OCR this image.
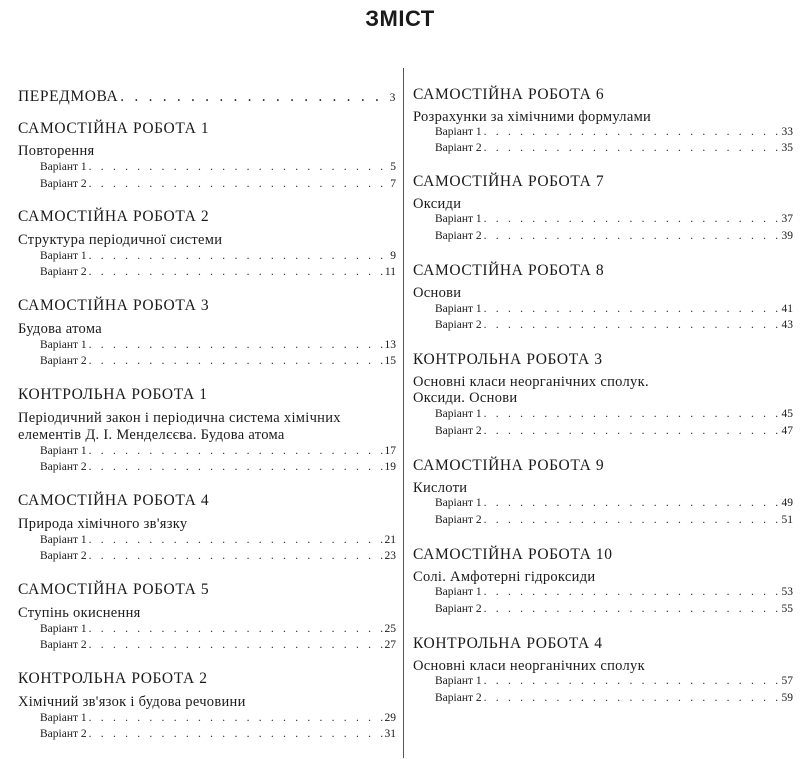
ЗМІСТ
ПЕРЕДМОВА . . .	3
САМОСТІЙНА РОБОТА 1
Повторення
Варіант 1 . . .	5
Варіант 2 . . .	7
САМОСТІЙНА РОБОТА 2
Структура періодичної системи
Варіант 1 . . .	9
Варіант 2 . . .	11
САМОСТІЙНА РОБОТА 3
Будова атома
Варіант 1 . . .	13
Варіант 2 . . .	15
КОНТРОЛЬНА РОБОТА 1
Періодичний закон і періодична система хімічних
елементів Д. І. Менделєєва. Будова атома
Варіант 1 . . .	17
Варіант 2 . . .	19
САМОСТІЙНА РОБОТА 4
Природа хімічного зв'язку
Варіант 1 . . .	21
Варіант 2 . . .	23
САМОСТІЙНА РОБОТА 5
Ступінь окиснення
Варіант 1 . . .	25
Варіант 2 . . .	27
КОНТРОЛЬНА РОБОТА 2
Хімічний зв'язок і будова речовини
Варіант 1 . . .	29
Варіант 2 . . .	31
САМОСТІЙНА РОБОТА 6
Розрахунки за хімічними формулами
Варіант 1 . . .	33
Варіант 2 . . .	35
САМОСТІЙНА РОБОТА 7
Оксиди
Варіант 1 . . .	37
Варіант 2 . . .	39
САМОСТІЙНА РОБОТА 8
Основи
Варіант 1 . . .	41
Варіант 2 . . .	43
КОНТРОЛЬНА РОБОТА 3
Основні класи неорганічних сполук.
Оксиди. Основи
Варіант 1 . . .	45
Варіант 2 . . .	47
САМОСТІЙНА РОБОТА 9
Кислоти
Варіант 1 . . .	49
Варіант 2 . . .	51
САМОСТІЙНА РОБОТА 10
Солі. Амфотерні гідроксиди
Варіант 1 . . .	53
Варіант 2 . . .	55
КОНТРОЛЬНА РОБОТА 4
Основні класи неорганічних сполук
Варіант 1 . . .	57
Варіант 2 . . .	59
